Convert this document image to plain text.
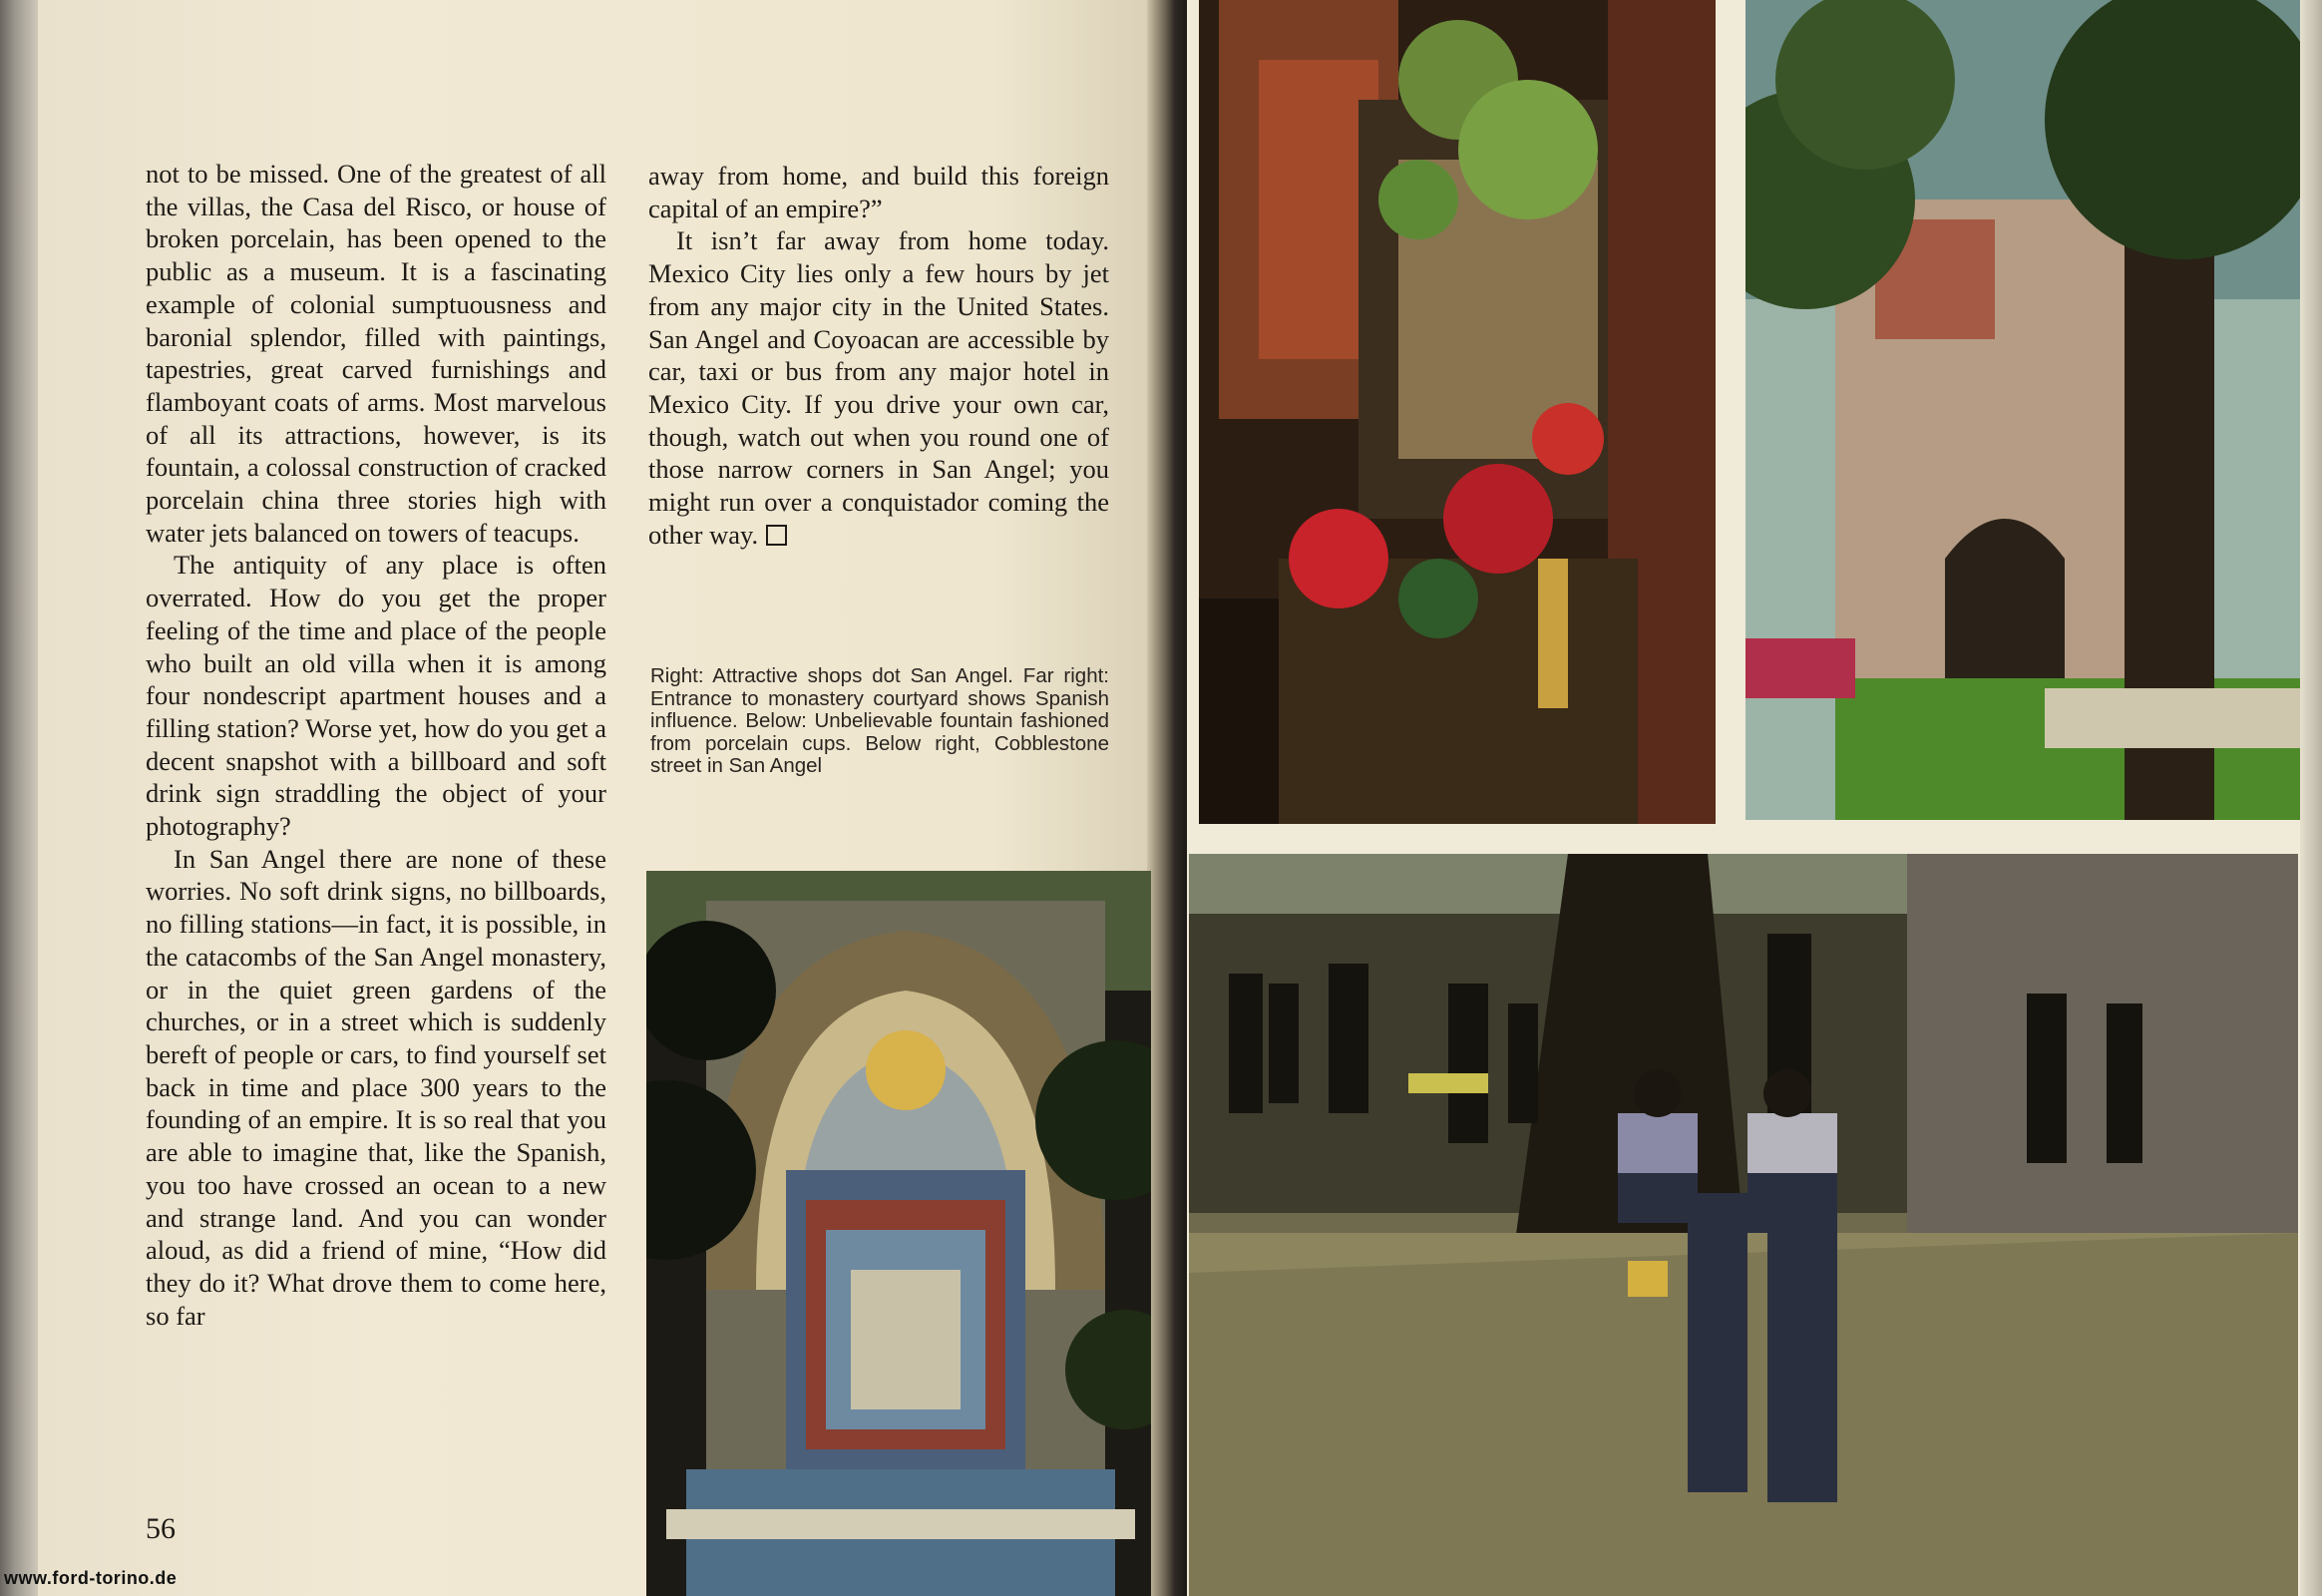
not to be missed. One of the greatest of all the villas, the Casa del Risco, or house of broken porcelain, has been opened to the public as a museum. It is a fascinating example of colonial sumptuousness and baronial splendor, filled with paintings, tapestries, great carved furnishings and flamboyant coats of arms. Most marvelous of all its attractions, however, is its fountain, a colossal construction of cracked porcelain china three stories high with water jets balanced on towers of teacups.

The antiquity of any place is often overrated. How do you get the proper feeling of the time and place of the people who built an old villa when it is among four nondescript apartment houses and a filling station? Worse yet, how do you get a decent snapshot with a billboard and soft drink sign straddling the object of your photography?

In San Angel there are none of these worries. No soft drink signs, no billboards, no filling stations—in fact, it is possible, in the catacombs of the San Angel monastery, or in the quiet green gardens of the churches, or in a street which is suddenly bereft of people or cars, to find yourself set back in time and place 300 years to the founding of an empire. It is so real that you are able to imagine that, like the Spanish, you too have crossed an ocean to a new and strange land. And you can wonder aloud, as did a friend of mine, “How did they do it? What drove them to come here, so far

away from home, and build this foreign capital of an empire?”

It isn’t far away from home today. Mexico City lies only a few hours by jet from any major city in the United States. San Angel and Coyoacan are accessible by car, taxi or bus from any major hotel in Mexico City. If you drive your own car, though, watch out when you round one of those narrow corners in San Angel; you might run over a conquistador coming the other way.

Right: Attractive shops dot San Angel. Far right: Entrance to monastery courtyard shows Spanish influence. Below: Unbelievable fountain fashioned from porcelain cups. Below right, Cobblestone street in San Angel
56
www.ford-torino.de
